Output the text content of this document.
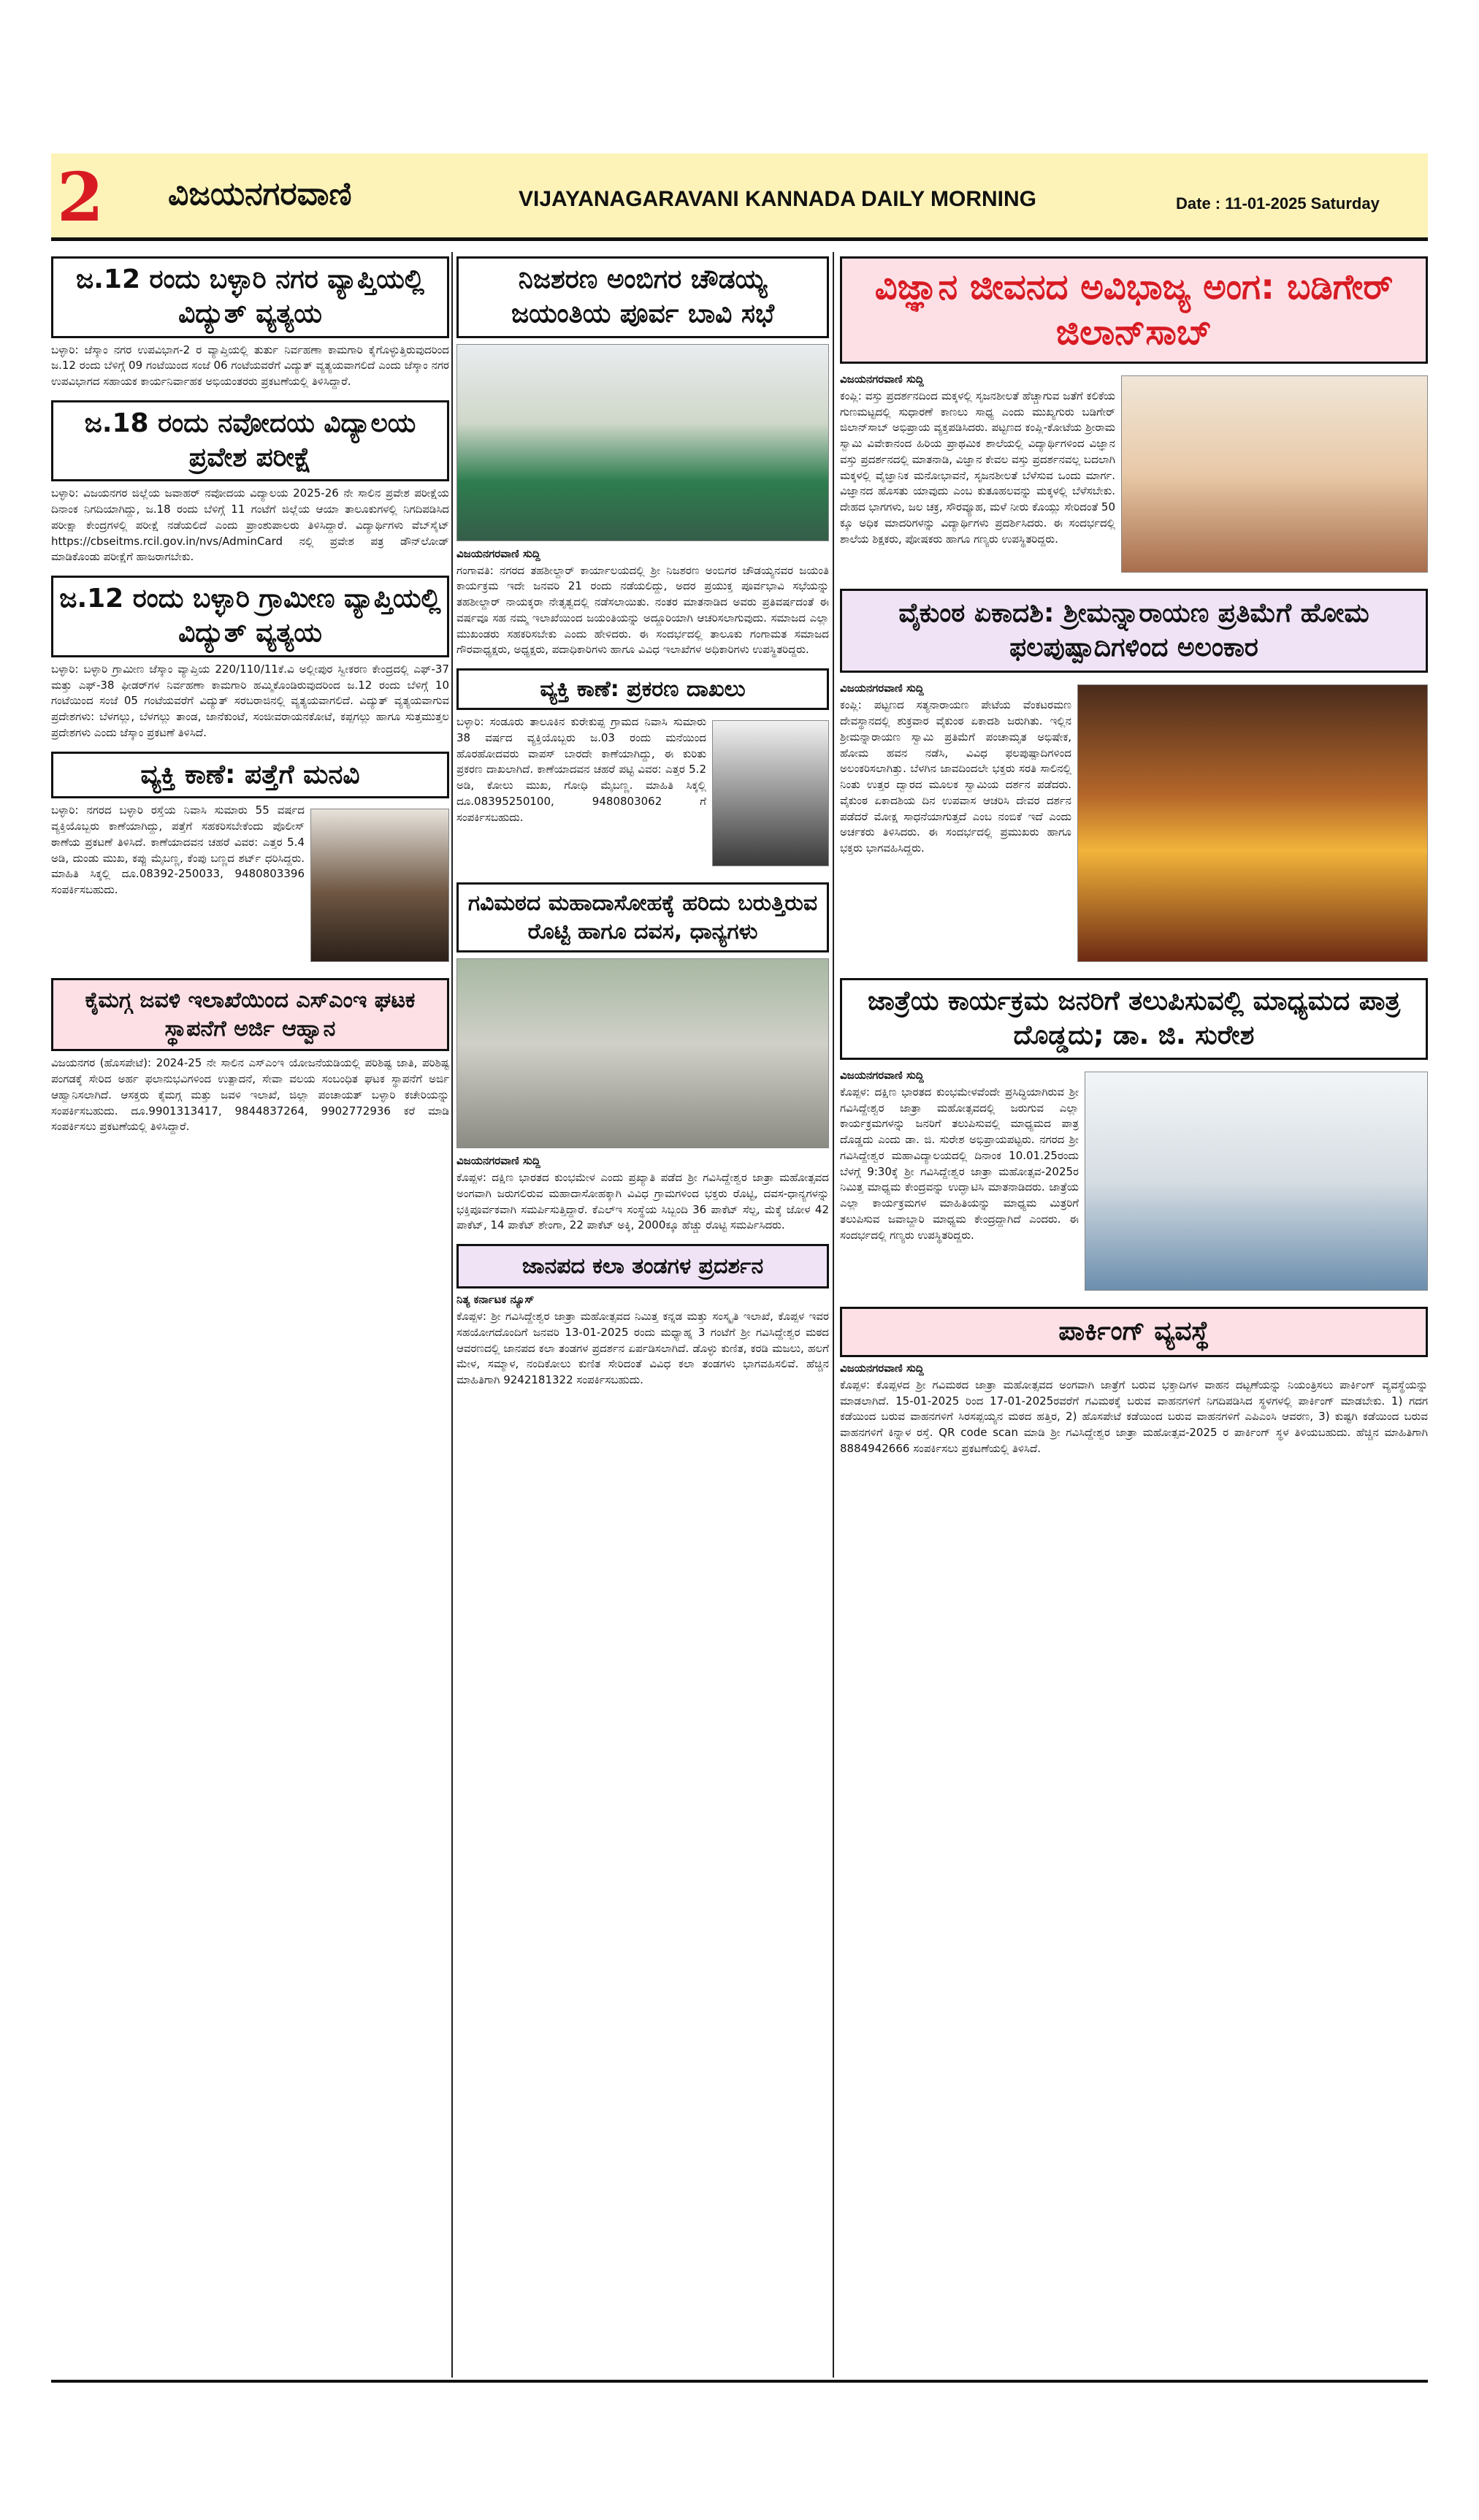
2 ವಿಜಯನಗರವಾಣಿ	VIJAYANAGARAVANI KANNADA DAILY MORNING	Date : 11-01-2025 Saturday
ಜ.12 ರಂದು ಬಳ್ಳಾರಿ ನಗರ ವ್ಯಾಪ್ತಿಯಲ್ಲಿ ವಿದ್ಯುತ್ ವ್ಯತ್ಯಯ

ಬಳ್ಳಾರಿ: ಜೆಸ್ಕಾಂ ನಗರ ಉಪವಿಭಾಗ-2 ರ ವ್ಯಾಪ್ತಿಯಲ್ಲಿ ತುರ್ತು ನಿರ್ವಹಣಾ ಕಾಮಗಾರಿ ಕೈಗೊಳ್ಳುತ್ತಿರುವುದರಿಂದ ಜ.12 ರಂದು ಬೆಳಿಗ್ಗೆ 09 ಗಂಟೆಯಿಂದ ಸಂಜೆ 06 ಗಂಟೆಯವರೆಗೆ ವಿದ್ಯುತ್ ವ್ಯತ್ಯಯವಾಗಲಿದೆ ಎಂದು ಜೆಸ್ಕಾಂ ನಗರ ಉಪವಿಭಾಗದ ಸಹಾಯಕ ಕಾರ್ಯನಿರ್ವಾಹಕ ಅಭಿಯಂತರರು ಪ್ರಕಟಣೆಯಲ್ಲಿ ತಿಳಿಸಿದ್ದಾರೆ.

ಜ.18 ರಂದು ನವೋದಯ ವಿದ್ಯಾಲಯ ಪ್ರವೇಶ ಪರೀಕ್ಷೆ

ಬಳ್ಳಾರಿ: ವಿಜಯನಗರ ಜಿಲ್ಲೆಯ ಜವಾಹರ್ ನವೋದಯ ವಿದ್ಯಾಲಯ 2025-26 ನೇ ಸಾಲಿನ ಪ್ರವೇಶ ಪರೀಕ್ಷೆಯ ದಿನಾಂಕ ನಿಗದಿಯಾಗಿದ್ದು, ಜ.18 ರಂದು ಬೆಳಿಗ್ಗೆ 11 ಗಂಟೆಗೆ ಜಿಲ್ಲೆಯ ಆಯಾ ತಾಲೂಕುಗಳಲ್ಲಿ ನಿಗದಿಪಡಿಸಿದ ಪರೀಕ್ಷಾ ಕೇಂದ್ರಗಳಲ್ಲಿ ಪರೀಕ್ಷೆ ನಡೆಯಲಿದೆ ಎಂದು ಪ್ರಾಂಶುಪಾಲರು ತಿಳಿಸಿದ್ದಾರೆ. ವಿದ್ಯಾರ್ಥಿಗಳು ವೆಬ್‌ಸೈಟ್ https://cbseitms.rcil.gov.in/nvs/AdminCard ನಲ್ಲಿ ಪ್ರವೇಶ ಪತ್ರ ಡೌನ್‌ಲೋಡ್ ಮಾಡಿಕೊಂಡು ಪರೀಕ್ಷೆಗೆ ಹಾಜರಾಗಬೇಕು.

ಜ.12 ರಂದು ಬಳ್ಳಾರಿ ಗ್ರಾಮೀಣ ವ್ಯಾಪ್ತಿಯಲ್ಲಿ ವಿದ್ಯುತ್ ವ್ಯತ್ಯಯ

ಬಳ್ಳಾರಿ: ಬಳ್ಳಾರಿ ಗ್ರಾಮೀಣ ಜೆಸ್ಕಾಂ ವ್ಯಾಪ್ತಿಯ 220/110/11ಕೆ.ವಿ ಅಲ್ಲೀಪುರ ಸ್ವೀಕರಣ ಕೇಂದ್ರದಲ್ಲಿ ಎಫ್-37 ಮತ್ತು ಎಫ್-38 ಫೀಡರ್‌ಗಳ ನಿರ್ವಹಣಾ ಕಾಮಗಾರಿ ಹಮ್ಮಿಕೊಂಡಿರುವುದರಿಂದ ಜ.12 ರಂದು ಬೆಳಿಗ್ಗೆ 10 ಗಂಟೆಯಿಂದ ಸಂಜೆ 05 ಗಂಟೆಯವರೆಗೆ ವಿದ್ಯುತ್ ಸರಬರಾಜಿನಲ್ಲಿ ವ್ಯತ್ಯಯವಾಗಲಿದೆ. ವಿದ್ಯುತ್ ವ್ಯತ್ಯಯವಾಗುವ ಪ್ರದೇಶಗಳು: ಬೆಳಗಲ್ಲು, ಬೆಳಗಲ್ಲು ತಾಂಡ, ಜಾನೆಕುಂಟೆ, ಸಂಜೀವರಾಯನಕೋಟೆ, ಕಪ್ಪಗಲ್ಲು ಹಾಗೂ ಸುತ್ತಮುತ್ತಲ ಪ್ರದೇಶಗಳು ಎಂದು ಜೆಸ್ಕಾಂ ಪ್ರಕಟಣೆ ತಿಳಿಸಿದೆ.

ವ್ಯಕ್ತಿ ಕಾಣೆ: ಪತ್ತೆಗೆ ಮನವಿ

ಬಳ್ಳಾರಿ: ನಗರದ ಬಳ್ಳಾರಿ ರಸ್ತೆಯ ನಿವಾಸಿ ಸುಮಾರು 55 ವರ್ಷದ ವ್ಯಕ್ತಿಯೊಬ್ಬರು ಕಾಣೆಯಾಗಿದ್ದು, ಪತ್ತೆಗೆ ಸಹಕರಿಸಬೇಕೆಂದು ಪೊಲೀಸ್ ಠಾಣೆಯ ಪ್ರಕಟಣೆ ತಿಳಿಸಿದೆ. ಕಾಣೆಯಾದವನ ಚಹರೆ ವಿವರ: ಎತ್ತರ 5.4 ಅಡಿ, ದುಂಡು ಮುಖ, ಕಪ್ಪು ಮೈಬಣ್ಣ, ಕೆಂಪು ಬಣ್ಣದ ಶರ್ಟ್ ಧರಿಸಿದ್ದರು. ಮಾಹಿತಿ ಸಿಕ್ಕಲ್ಲಿ ದೂ.08392-250033, 9480803396 ಸಂಪರ್ಕಿಸಬಹುದು.

ಕೈಮಗ್ಗ ಜವಳಿ ಇಲಾಖೆಯಿಂದ ಎಸ್‌ಎಂಇ ಘಟಕ ಸ್ಥಾಪನೆಗೆ ಅರ್ಜಿ ಆಹ್ವಾನ

ವಿಜಯನಗರ (ಹೊಸಪೇಟೆ): 2024-25 ನೇ ಸಾಲಿನ ಎಸ್‌ಎಂಇ ಯೋಜನೆಯಡಿಯಲ್ಲಿ ಪರಿಶಿಷ್ಟ ಜಾತಿ, ಪರಿಶಿಷ್ಟ ಪಂಗಡಕ್ಕೆ ಸೇರಿದ ಅರ್ಹ ಫಲಾನುಭವಿಗಳಿಂದ ಉತ್ಪಾದನೆ, ಸೇವಾ ವಲಯ ಸಂಬಂಧಿತ ಘಟಕ ಸ್ಥಾಪನೆಗೆ ಅರ್ಜಿ ಆಹ್ವಾನಿಸಲಾಗಿದೆ. ಆಸಕ್ತರು ಕೈಮಗ್ಗ ಮತ್ತು ಜವಳಿ ಇಲಾಖೆ, ಜಿಲ್ಲಾ ಪಂಚಾಯತ್ ಬಳ್ಳಾರಿ ಕಚೇರಿಯನ್ನು ಸಂಪರ್ಕಿಸಬಹುದು. ದೂ.9901313417, 9844837264, 9902772936 ಕರೆ ಮಾಡಿ ಸಂಪರ್ಕಿಸಲು ಪ್ರಕಟಣೆಯಲ್ಲಿ ತಿಳಿಸಿದ್ದಾರೆ.

ನಿಜಶರಣ ಅಂಬಿಗರ ಚೌಡಯ್ಯ ಜಯಂತಿಯ ಪೂರ್ವ ಬಾವಿ ಸಭೆ
ವಿಜಯನಗರವಾಣಿ ಸುದ್ದಿ

ಗಂಗಾವತಿ: ನಗರದ ತಹಶೀಲ್ದಾರ್ ಕಾರ್ಯಾಲಯದಲ್ಲಿ ಶ್ರೀ ನಿಜಶರಣ ಅಂಬಿಗರ ಚೌಡಯ್ಯನವರ ಜಯಂತಿ ಕಾರ್ಯಕ್ರಮ ಇದೇ ಜನವರಿ 21 ರಂದು ನಡೆಯಲಿದ್ದು, ಅದರ ಪ್ರಯುಕ್ತ ಪೂರ್ವಭಾವಿ ಸಭೆಯನ್ನು ತಹಶೀಲ್ದಾರ್ ನಾಯಕ್ಕರಾ ನೇತೃತ್ವದಲ್ಲಿ ನಡೆಸಲಾಯಿತು. ನಂತರ ಮಾತನಾಡಿದ ಅವರು ಪ್ರತಿವರ್ಷದಂತೆ ಈ ವರ್ಷವೂ ಸಹ ನಮ್ಮ ಇಲಾಖೆಯಿಂದ ಜಯಂತಿಯನ್ನು ಅದ್ದೂರಿಯಾಗಿ ಆಚರಿಸಲಾಗುವುದು. ಸಮಾಜದ ಎಲ್ಲಾ ಮುಖಂಡರು ಸಹಕರಿಸಬೇಕು ಎಂದು ಹೇಳಿದರು. ಈ ಸಂದರ್ಭದಲ್ಲಿ ತಾಲೂಕು ಗಂಗಾಮತ ಸಮಾಜದ ಗೌರವಾಧ್ಯಕ್ಷರು, ಅಧ್ಯಕ್ಷರು, ಪದಾಧಿಕಾರಿಗಳು ಹಾಗೂ ವಿವಿಧ ಇಲಾಖೆಗಳ ಅಧಿಕಾರಿಗಳು ಉಪಸ್ಥಿತರಿದ್ದರು.

ವ್ಯಕ್ತಿ ಕಾಣೆ: ಪ್ರಕರಣ ದಾಖಲು

ಬಳ್ಳಾರಿ: ಸಂಡೂರು ತಾಲೂಕಿನ ಕುರೇಕುಪ್ಪ ಗ್ರಾಮದ ನಿವಾಸಿ ಸುಮಾರು 38 ವರ್ಷದ ವ್ಯಕ್ತಿಯೊಬ್ಬರು ಜ.03 ರಂದು ಮನೆಯಿಂದ ಹೊರಹೋದವರು ವಾಪಸ್ ಬಾರದೇ ಕಾಣೆಯಾಗಿದ್ದು, ಈ ಕುರಿತು ಪ್ರಕರಣ ದಾಖಲಾಗಿದೆ. ಕಾಣೆಯಾದವನ ಚಹರೆ ಪಟ್ಟಿ ವಿವರ: ಎತ್ತರ 5.2 ಅಡಿ, ಕೋಲು ಮುಖ, ಗೋಧಿ ಮೈಬಣ್ಣ. ಮಾಹಿತಿ ಸಿಕ್ಕಲ್ಲಿ ದೂ.08395250100, 9480803062 ಗೆ ಸಂಪರ್ಕಿಸಬಹುದು.

ಗವಿಮಠದ ಮಹಾದಾಸೋಹಕ್ಕೆ ಹರಿದು ಬರುತ್ತಿರುವ ರೊಟ್ಟಿ ಹಾಗೂ ದವಸ, ಧಾನ್ಯಗಳು
ವಿಜಯನಗರವಾಣಿ ಸುದ್ದಿ

ಕೊಪ್ಪಳ: ದಕ್ಷಿಣ ಭಾರತದ ಕುಂಭಮೇಳ ಎಂದು ಪ್ರಖ್ಯಾತಿ ಪಡೆದ ಶ್ರೀ ಗವಿಸಿದ್ದೇಶ್ವರ ಜಾತ್ರಾ ಮಹೋತ್ಸವದ ಅಂಗವಾಗಿ ಜರುಗಲಿರುವ ಮಹಾದಾಸೋಹಕ್ಕಾಗಿ ವಿವಿಧ ಗ್ರಾಮಗಳಿಂದ ಭಕ್ತರು ರೊಟ್ಟಿ, ದವಸ-ಧಾನ್ಯಗಳನ್ನು ಭಕ್ತಿಪೂರ್ವಕವಾಗಿ ಸಮರ್ಪಿಸುತ್ತಿದ್ದಾರೆ. ಕೆಎಲ್‌ಇ ಸಂಸ್ಥೆಯ ಸಿಬ್ಬಂದಿ 36 ಪಾಕೆಟ್ ಸೆಲ್ಪ, ಮೆಕ್ಕೆ ಜೋಳ 42 ಪಾಕೆಟ್, 14 ಪಾಕೆಟ್ ಶೇಂಗಾ, 22 ಪಾಕೆಟ್ ಅಕ್ಕಿ, 2000ಕ್ಕೂ ಹೆಚ್ಚು ರೊಟ್ಟಿ ಸಮರ್ಪಿಸಿದರು.

ಜಾನಪದ ಕಲಾ ತಂಡಗಳ ಪ್ರದರ್ಶನ
ನಿತ್ಯ ಕರ್ನಾಟಕ ನ್ಯೂಸ್

ಕೊಪ್ಪಳ: ಶ್ರೀ ಗವಿಸಿದ್ದೇಶ್ವರ ಜಾತ್ರಾ ಮಹೋತ್ಸವದ ನಿಮಿತ್ತ ಕನ್ನಡ ಮತ್ತು ಸಂಸ್ಕೃತಿ ಇಲಾಖೆ, ಕೊಪ್ಪಳ ಇವರ ಸಹಯೋಗದೊಂದಿಗೆ ಜನವರಿ 13-01-2025 ರಂದು ಮಧ್ಯಾಹ್ನ 3 ಗಂಟೆಗೆ ಶ್ರೀ ಗವಿಸಿದ್ದೇಶ್ವರ ಮಠದ ಆವರಣದಲ್ಲಿ ಜಾನಪದ ಕಲಾ ತಂಡಗಳ ಪ್ರದರ್ಶನ ಏರ್ಪಡಿಸಲಾಗಿದೆ. ಡೊಳ್ಳು ಕುಣಿತ, ಕರಡಿ ಮಜಲು, ಹಲಗೆ ಮೇಳ, ಸಮ್ಮಾಳ, ನಂದಿಕೋಲು ಕುಣಿತ ಸೇರಿದಂತೆ ವಿವಿಧ ಕಲಾ ತಂಡಗಳು ಭಾಗವಹಿಸಲಿವೆ. ಹೆಚ್ಚಿನ ಮಾಹಿತಿಗಾಗಿ 9242181322 ಸಂಪರ್ಕಿಸಬಹುದು.

ವಿಜ್ಞಾನ ಜೀವನದ ಅವಿಭಾಜ್ಯ ಅಂಗ: ಬಡಿಗೇರ್ ಜಿಲಾನ್‌ಸಾಬ್
ವಿಜಯನಗರವಾಣಿ ಸುದ್ದಿ

ಕಂಪ್ಲಿ: ವಸ್ತು ಪ್ರದರ್ಶನದಿಂದ ಮಕ್ಕಳಲ್ಲಿ ಸೃಜನಶೀಲತೆ ಹೆಚ್ಚಾಗುವ ಜತೆಗೆ ಕಲಿಕೆಯ ಗುಣಮಟ್ಟದಲ್ಲಿ ಸುಧಾರಣೆ ಕಾಣಲು ಸಾಧ್ಯ ಎಂದು ಮುಖ್ಯಗುರು ಬಡಿಗೇರ್ ಜಿಲಾನ್‌ಸಾಬ್ ಅಭಿಪ್ರಾಯ ವ್ಯಕ್ತಪಡಿಸಿದರು. ಪಟ್ಟಣದ ಕಂಪ್ಲಿ-ಕೋಟೆಯ ಶ್ರೀರಾಮ ಸ್ವಾಮಿ ವಿವೇಕಾನಂದ ಹಿರಿಯ ಪ್ರಾಥಮಿಕ ಶಾಲೆಯಲ್ಲಿ ವಿದ್ಯಾರ್ಥಿಗಳಿಂದ ವಿಜ್ಞಾನ ವಸ್ತು ಪ್ರದರ್ಶನದಲ್ಲಿ ಮಾತನಾಡಿ, ವಿಜ್ಞಾನ ಕೇವಲ ವಸ್ತು ಪ್ರದರ್ಶನವಲ್ಲ ಬದಲಾಗಿ ಮಕ್ಕಳಲ್ಲಿ ವೈಜ್ಞಾನಿಕ ಮನೋಭಾವನೆ, ಸೃಜನಶೀಲತೆ ಬೆಳೆಸುವ ಒಂದು ಮಾರ್ಗ. ವಿಜ್ಞಾನದ ಹೊಸತು ಯಾವುದು ಎಂಬ ಕುತೂಹಲವನ್ನು ಮಕ್ಕಳಲ್ಲಿ ಬೆಳೆಸಬೇಕು. ದೇಹದ ಭಾಗಗಳು, ಜಲ ಚಕ್ರ, ಸೌರವ್ಯೂಹ, ಮಳೆ ನೀರು ಕೊಯ್ಲು ಸೇರಿದಂತೆ 50 ಕ್ಕೂ ಅಧಿಕ ಮಾದರಿಗಳನ್ನು ವಿದ್ಯಾರ್ಥಿಗಳು ಪ್ರದರ್ಶಿಸಿದರು. ಈ ಸಂದರ್ಭದಲ್ಲಿ ಶಾಲೆಯ ಶಿಕ್ಷಕರು, ಪೋಷಕರು ಹಾಗೂ ಗಣ್ಯರು ಉಪಸ್ಥಿತರಿದ್ದರು.

ವೈಕುಂಠ ಏಕಾದಶಿ: ಶ್ರೀಮನ್ನಾರಾಯಣ ಪ್ರತಿಮೆಗೆ ಹೋಮ ಫಲಪುಷ್ಪಾದಿಗಳಿಂದ ಅಲಂಕಾರ
ವಿಜಯನಗರವಾಣಿ ಸುದ್ದಿ

ಕಂಪ್ಲಿ: ಪಟ್ಟಣದ ಸತ್ಯನಾರಾಯಣ ಪೇಟೆಯ ವೆಂಕಟರಮಣ ದೇವಸ್ಥಾನದಲ್ಲಿ ಶುಕ್ರವಾರ ವೈಕುಂಠ ಏಕಾದಶಿ ಜರುಗಿತು. ಇಲ್ಲಿನ ಶ್ರೀಮನ್ನಾರಾಯಣ ಸ್ವಾಮಿ ಪ್ರತಿಮೆಗೆ ಪಂಚಾಮೃತ ಅಭಿಷೇಕ, ಹೋಮ ಹವನ ನಡೆಸಿ, ವಿವಿಧ ಫಲಪುಷ್ಪಾದಿಗಳಿಂದ ಅಲಂಕರಿಸಲಾಗಿತ್ತು. ಬೆಳಗಿನ ಜಾವದಿಂದಲೇ ಭಕ್ತರು ಸರತಿ ಸಾಲಿನಲ್ಲಿ ನಿಂತು ಉತ್ತರ ದ್ವಾರದ ಮೂಲಕ ಸ್ವಾಮಿಯ ದರ್ಶನ ಪಡೆದರು. ವೈಕುಂಠ ಏಕಾದಶಿಯ ದಿನ ಉಪವಾಸ ಆಚರಿಸಿ ದೇವರ ದರ್ಶನ ಪಡೆದರೆ ಮೋಕ್ಷ ಸಾಧನೆಯಾಗುತ್ತದೆ ಎಂಬ ನಂಬಿಕೆ ಇದೆ ಎಂದು ಅರ್ಚಕರು ತಿಳಿಸಿದರು. ಈ ಸಂದರ್ಭದಲ್ಲಿ ಪ್ರಮುಖರು ಹಾಗೂ ಭಕ್ತರು ಭಾಗವಹಿಸಿದ್ದರು.

ಜಾತ್ರೆಯ ಕಾರ್ಯಕ್ರಮ ಜನರಿಗೆ ತಲುಪಿಸುವಲ್ಲಿ ಮಾಧ್ಯಮದ ಪಾತ್ರ ದೊಡ್ಡದು; ಡಾ. ಜಿ. ಸುರೇಶ
ವಿಜಯನಗರವಾಣಿ ಸುದ್ದಿ

ಕೊಪ್ಪಳ: ದಕ್ಷಿಣ ಭಾರತದ ಕುಂಭಮೇಳವೆಂದೇ ಪ್ರಸಿದ್ಧಿಯಾಗಿರುವ ಶ್ರೀ ಗವಿಸಿದ್ದೇಶ್ವರ ಜಾತ್ರಾ ಮಹೋತ್ಸವದಲ್ಲಿ ಜರುಗುವ ಎಲ್ಲಾ ಕಾರ್ಯಕ್ರಮಗಳನ್ನು ಜನರಿಗೆ ತಲುಪಿಸುವಲ್ಲಿ ಮಾಧ್ಯಮದ ಪಾತ್ರ ದೊಡ್ಡದು ಎಂದು ಡಾ. ಜಿ. ಸುರೇಶ ಅಭಿಪ್ರಾಯಪಟ್ಟರು. ನಗರದ ಶ್ರೀ ಗವಿಸಿದ್ದೇಶ್ವರ ಮಹಾವಿದ್ಯಾಲಯದಲ್ಲಿ ದಿನಾಂಕ 10.01.25ರಂದು ಬೆಳಗ್ಗೆ 9:30ಕ್ಕೆ ಶ್ರೀ ಗವಿಸಿದ್ದೇಶ್ವರ ಜಾತ್ರಾ ಮಹೋತ್ಸವ-2025ರ ನಿಮಿತ್ತ ಮಾಧ್ಯಮ ಕೇಂದ್ರವನ್ನು ಉದ್ಘಾಟಿಸಿ ಮಾತನಾಡಿದರು. ಜಾತ್ರೆಯ ಎಲ್ಲಾ ಕಾರ್ಯಕ್ರಮಗಳ ಮಾಹಿತಿಯನ್ನು ಮಾಧ್ಯಮ ಮಿತ್ರರಿಗೆ ತಲುಪಿಸುವ ಜವಾಬ್ದಾರಿ ಮಾಧ್ಯಮ ಕೇಂದ್ರದ್ದಾಗಿದೆ ಎಂದರು. ಈ ಸಂದರ್ಭದಲ್ಲಿ ಗಣ್ಯರು ಉಪಸ್ಥಿತರಿದ್ದರು.

ಪಾರ್ಕಿಂಗ್ ವ್ಯವಸ್ಥೆ
ವಿಜಯನಗರವಾಣಿ ಸುದ್ದಿ

ಕೊಪ್ಪಳ: ಕೊಪ್ಪಳದ ಶ್ರೀ ಗವಿಮಠದ ಜಾತ್ರಾ ಮಹೋತ್ಸವದ ಅಂಗವಾಗಿ ಜಾತ್ರೆಗೆ ಬರುವ ಭಕ್ತಾದಿಗಳ ವಾಹನ ದಟ್ಟಣೆಯನ್ನು ನಿಯಂತ್ರಿಸಲು ಪಾರ್ಕಿಂಗ್ ವ್ಯವಸ್ಥೆಯನ್ನು ಮಾಡಲಾಗಿದೆ. 15-01-2025 ರಿಂದ 17-01-2025ರವರೆಗೆ ಗವಿಮಠಕ್ಕೆ ಬರುವ ವಾಹನಗಳಿಗೆ ನಿಗದಿಪಡಿಸಿದ ಸ್ಥಳಗಳಲ್ಲಿ ಪಾರ್ಕಿಂಗ್ ಮಾಡಬೇಕು. 1) ಗದಗ ಕಡೆಯಿಂದ ಬರುವ ವಾಹನಗಳಿಗೆ ಸಿರಸಪ್ಪಯ್ಯನ ಮಠದ ಹತ್ತಿರ, 2) ಹೊಸಪೇಟೆ ಕಡೆಯಿಂದ ಬರುವ ವಾಹನಗಳಿಗೆ ಎಪಿಎಂಸಿ ಆವರಣ, 3) ಕುಷ್ಟಗಿ ಕಡೆಯಿಂದ ಬರುವ ವಾಹನಗಳಿಗೆ ಕಿನ್ನಾಳ ರಸ್ತೆ. QR code scan ಮಾಡಿ ಶ್ರೀ ಗವಿಸಿದ್ದೇಶ್ವರ ಜಾತ್ರಾ ಮಹೋತ್ಸವ-2025 ರ ಪಾರ್ಕಿಂಗ್ ಸ್ಥಳ ತಿಳಿಯಬಹುದು. ಹೆಚ್ಚಿನ ಮಾಹಿತಿಗಾಗಿ 8884942666 ಸಂಪರ್ಕಿಸಲು ಪ್ರಕಟಣೆಯಲ್ಲಿ ತಿಳಿಸಿದೆ.
